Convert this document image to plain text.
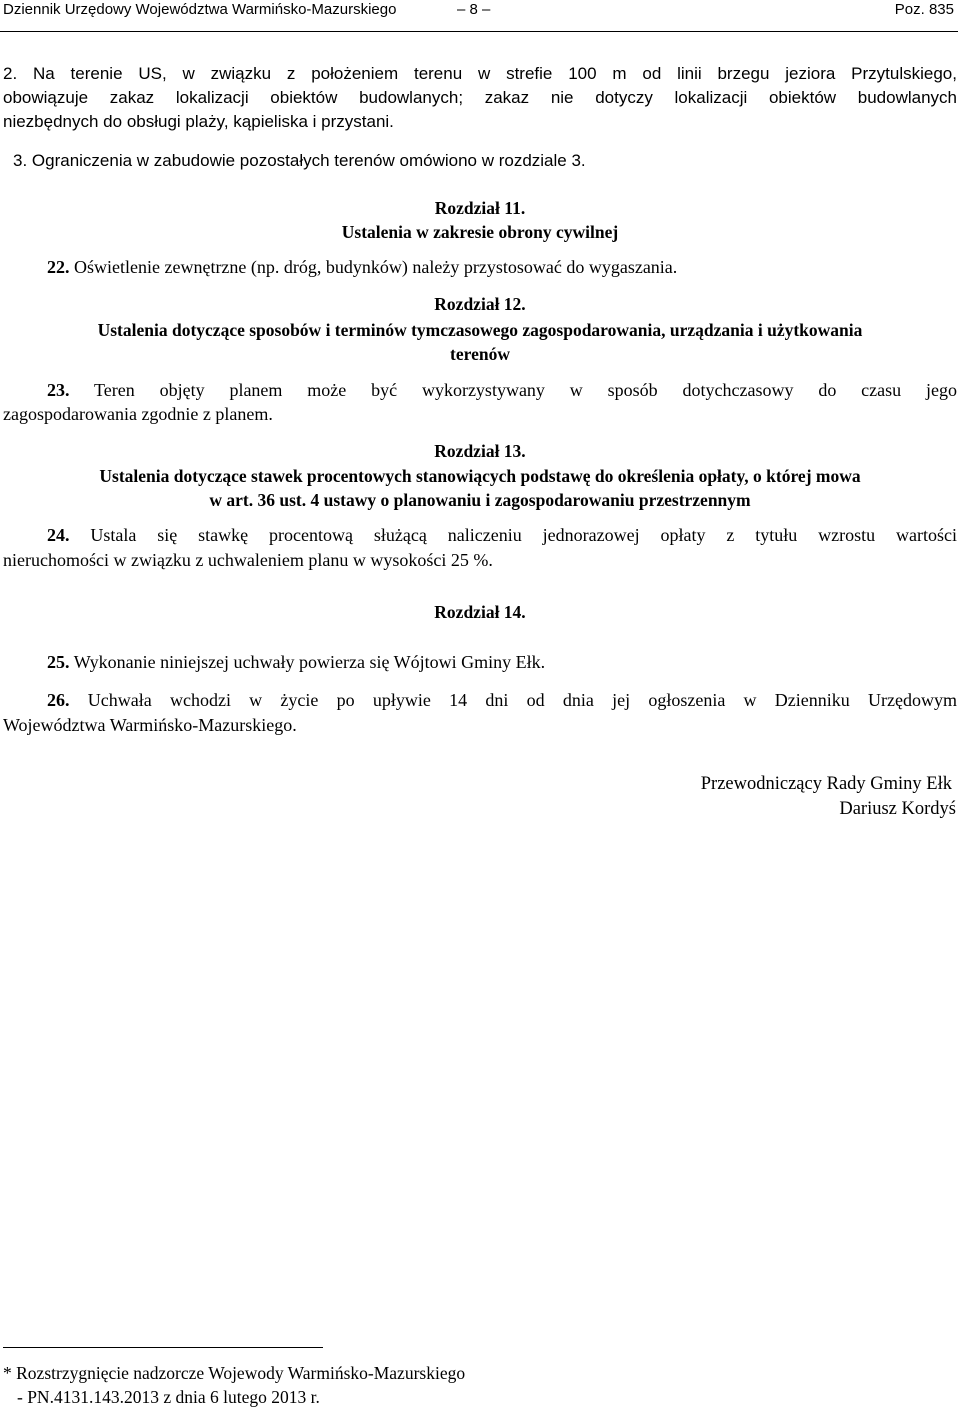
Dziennik Urzędowy Województwa Warmińsko-Mazurskiego	– 8 –	Poz. 835
2. Na terenie US, w związku z położeniem terenu w strefie 100 m od linii brzegu jeziora Przytulskiego,
obowiązuje zakaz lokalizacji obiektów budowlanych; zakaz nie dotyczy lokalizacji obiektów budowlanych
niezbędnych do obsługi plaży, kąpieliska i przystani.
3. Ograniczenia w zabudowie pozostałych terenów omówiono w rozdziale 3.
Rozdział 11.
Ustalenia w zakresie obrony cywilnej
22. Oświetlenie zewnętrzne (np. dróg, budynków) należy przystosować do wygaszania.
Rozdział 12.
Ustalenia dotyczące sposobów i terminów tymczasowego zagospodarowania, urządzania i użytkowania
terenów
23. Teren objęty planem może być wykorzystywany w sposób dotychczasowy do czasu jego
zagospodarowania zgodnie z planem.
Rozdział 13.
Ustalenia dotyczące stawek procentowych stanowiących podstawę do określenia opłaty, o której mowa
w art. 36 ust. 4 ustawy o planowaniu i zagospodarowaniu przestrzennym
24. Ustala się stawkę procentową służącą naliczeniu jednorazowej opłaty z tytułu wzrostu wartości
nieruchomości w związku z uchwaleniem planu w wysokości 25 %.
Rozdział 14.
25. Wykonanie niniejszej uchwały powierza się Wójtowi Gminy Ełk.
26. Uchwała wchodzi w życie po upływie 14 dni od dnia jej ogłoszenia w Dzienniku Urzędowym
Województwa Warmińsko-Mazurskiego.
Przewodniczący Rady Gminy Ełk
Dariusz Kordyś
* Rozstrzygnięcie nadzorcze Wojewody Warmińsko-Mazurskiego
- PN.4131.143.2013 z dnia 6 lutego 2013 r.
